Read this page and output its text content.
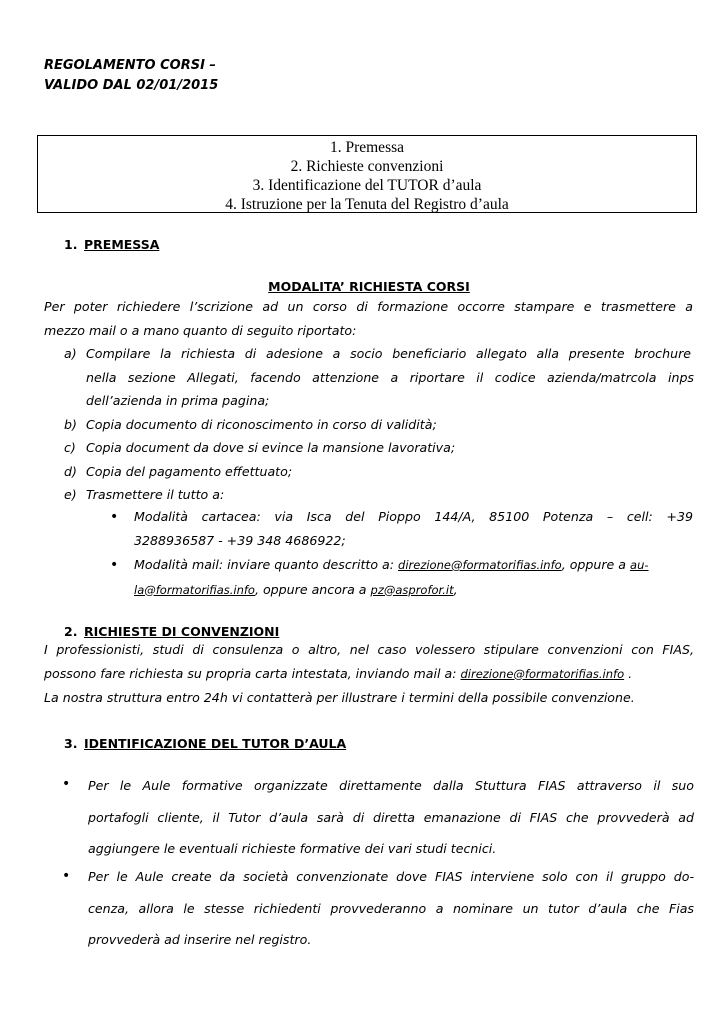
REGOLAMENTO CORSI –
VALIDO DAL 02/01/2015
1. Premessa
2. Richieste convenzioni
3. Identificazione del TUTOR d’aula
4. Istruzione per la Tenuta del Registro d’aula
1. PREMESSA
MODALITA’ RICHIESTA CORSI
Per poter richiedere l’scrizione ad un corso di formazione occorre stampare e trasmettere a
mezzo mail o a mano quanto di seguito riportato:
a) Compilare la richiesta di adesione a socio beneficiario allegato alla presente brochure
nella sezione Allegati, facendo attenzione a riportare il codice azienda/matrcola inps
dell’azienda in prima pagina;
b) Copia documento di riconoscimento in corso di validità;
c) Copia document da dove si evince la mansione lavorativa;
d) Copia del pagamento effettuato;
e) Trasmettere il tutto a:
• Modalità cartacea: via Isca del Pioppo 144/A, 85100 Potenza – cell: +39
3288936587 - +39 348 4686922;
• Modalità mail: inviare quanto descritto a: direzione@formatorifias.info, oppure a au-
la@formatorifias.info, oppure ancora a pz@asprofor.it,
2. RICHIESTE DI CONVENZIONI
I professionisti, studi di consulenza o altro, nel caso volessero stipulare convenzioni con FIAS,
possono fare richiesta su propria carta intestata, inviando mail a: direzione@formatorifias.info .
La nostra struttura entro 24h vi contatterà per illustrare i termini della possibile convenzione.
3. IDENTIFICAZIONE DEL TUTOR D’AULA
• Per le Aule formative organizzate direttamente dalla Stuttura FIAS attraverso il suo
portafogli cliente, il Tutor d’aula sarà di diretta emanazione di FIAS che provvederà ad
aggiungere le eventuali richieste formative dei vari studi tecnici.
• Per le Aule create da società convenzionate dove FIAS interviene solo con il gruppo do-
cenza, allora le stesse richiedenti provvederanno a nominare un tutor d’aula che Fias
provvederà ad inserire nel registro.
